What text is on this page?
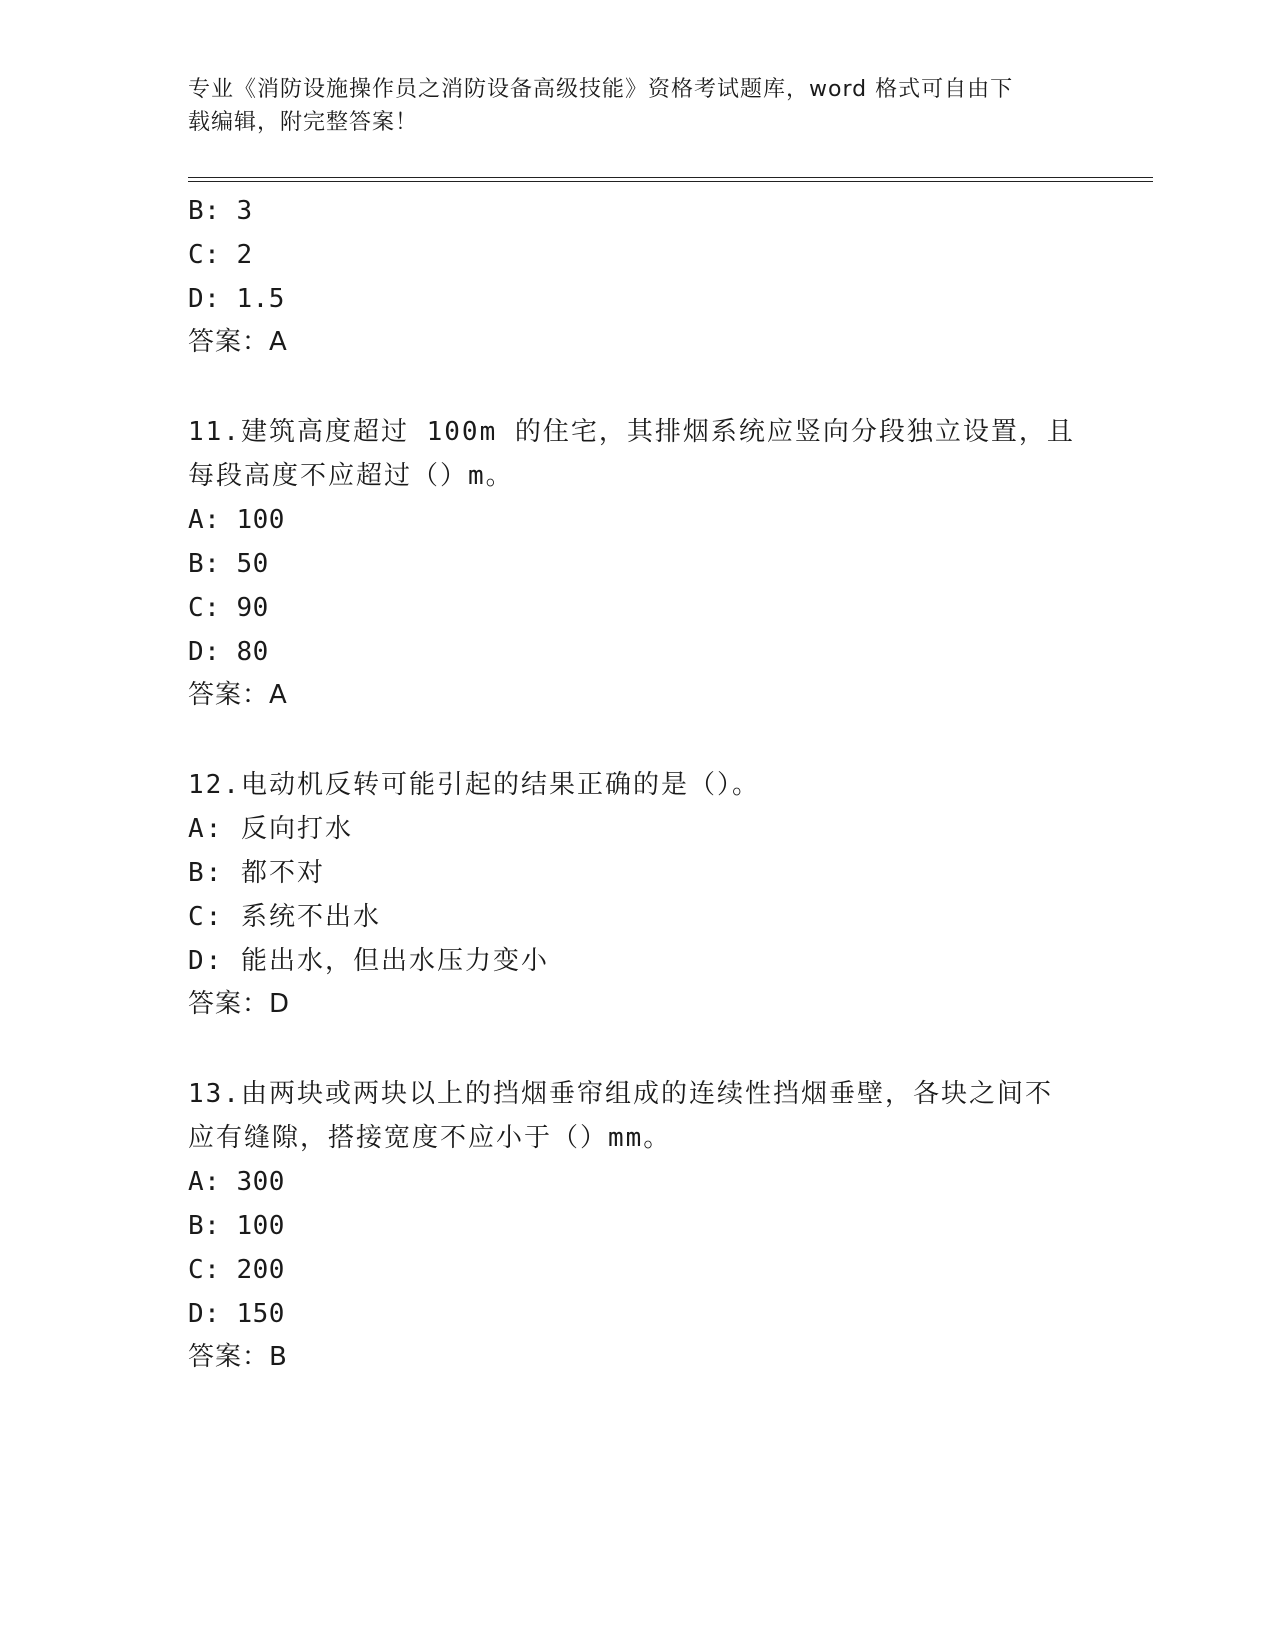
专业《消防设施操作员之消防设备高级技能》资格考试题库，word 格式可自由下
载编辑，附完整答案！
B: 3
C: 2
D: 1.5
答案：A
11.建筑高度超过 100m 的住宅，其排烟系统应竖向分段独立设置，且
每段高度不应超过（）m。
A: 100
B: 50
C: 90
D: 80
答案：A
12.电动机反转可能引起的结果正确的是（）。
A: 反向打水
B: 都不对
C: 系统不出水
D: 能出水，但出水压力变小
答案：D
13.由两块或两块以上的挡烟垂帘组成的连续性挡烟垂壁，各块之间不
应有缝隙，搭接宽度不应小于（）mm。
A: 300
B: 100
C: 200
D: 150
答案：B
